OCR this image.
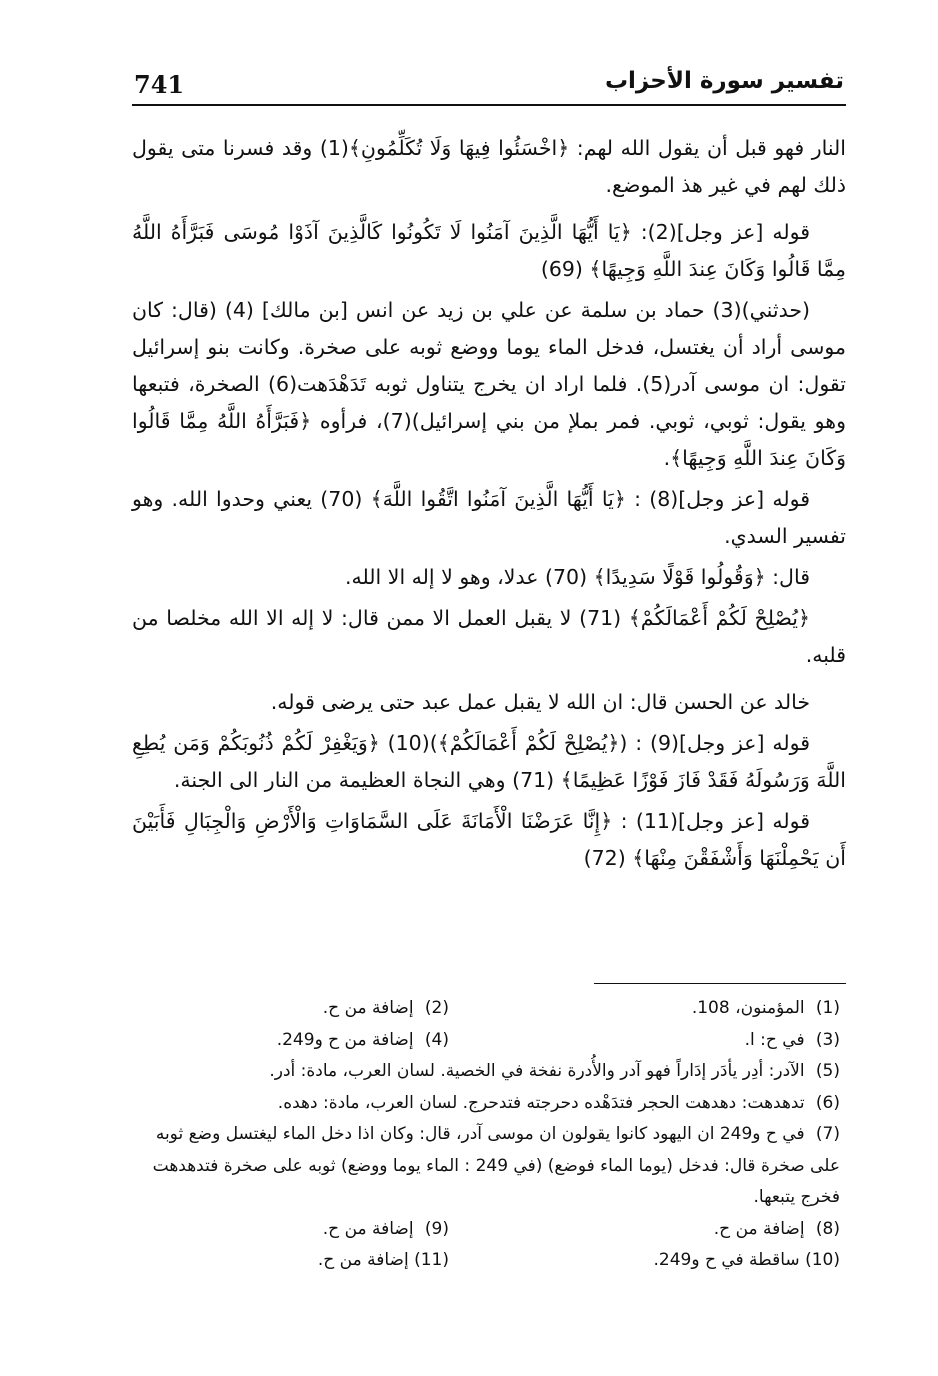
741	تفسير سورة الأحزاب

النار فهو قبل أن يقول الله لهم: ﴿اخْسَئُوا فِيهَا وَلَا تُكَلِّمُونِ﴾(1) وقد فسرنا متى يقول ذلك لهم في غير هذ الموضع.

قوله [عز وجل](2): ﴿يَا أَيُّهَا الَّذِينَ آمَنُوا لَا تَكُونُوا كَالَّذِينَ آذَوْا مُوسَى فَبَرَّأَهُ اللَّهُ مِمَّا قَالُوا وَكَانَ عِندَ اللَّهِ وَجِيهًا﴾ (69)

(حدثني)(3) حماد بن سلمة عن علي بن زيد عن انس [بن مالك] (4) (قال: كان موسى أراد أن يغتسل، فدخل الماء يوما ووضع ثوبه على صخرة. وكانت بنو إسرائيل تقول: ان موسى آدر(5). فلما اراد ان يخرج يتناول ثوبه تَدَهْدَهت(6) الصخرة، فتبعها وهو يقول: ثوبي، ثوبي. فمر بملإ من بني إسرائيل)(7)، فرأوه ﴿فَبَرَّأَهُ اللَّهُ مِمَّا قَالُوا وَكَانَ عِندَ اللَّهِ وَجِيهًا﴾.

قوله [عز وجل](8) : ﴿يَا أَيُّهَا الَّذِينَ آمَنُوا اتَّقُوا اللَّهَ﴾ (70) يعني وحدوا الله. وهو تفسير السدي.

قال: ﴿وَقُولُوا قَوْلًا سَدِيدًا﴾ (70) عدلا، وهو لا إله الا الله.

﴿يُصْلِحْ لَكُمْ أَعْمَالَكُمْ﴾ (71) لا يقبل العمل الا ممن قال: لا إله الا الله مخلصا من قلبه.

خالد عن الحسن قال: ان الله لا يقبل عمل عبد حتى يرضى قوله.

قوله [عز وجل](9) : (﴿يُصْلِحْ لَكُمْ أَعْمَالَكُمْ﴾)(10) ﴿وَيَغْفِرْ لَكُمْ ذُنُوبَكُمْ وَمَن يُطِعِ اللَّهَ وَرَسُولَهُ فَقَدْ فَازَ فَوْزًا عَظِيمًا﴾ (71) وهي النجاة العظيمة من النار الى الجنة.

قوله [عز وجل](11) : ﴿إِنَّا عَرَضْنَا الْأَمَانَةَ عَلَى السَّمَاوَاتِ وَالْأَرْضِ وَالْجِبَالِ فَأَبَيْنَ أَن يَحْمِلْنَهَا وَأَشْفَقْنَ مِنْهَا﴾ (72)

(1) المؤمنون، 108.
(2) إضافة من ح.
(3) في ح: ا.
(4) إضافة من ح و249.
(5) الآدر: أدِر يأدَر إدَاراً فهو آدر والأُدرة نفخة في الخصية. لسان العرب، مادة: أدر.
(6) تدهدهت: دهدهت الحجر فتدَهْده دحرجته فتدحرج. لسان العرب، مادة: دهده.
(7) في ح و249 ان اليهود كانوا يقولون ان موسى آدر، قال: وكان اذا دخل الماء ليغتسل وضع ثوبه على صخرة قال: فدخل (يوما الماء فوضع) (في 249 : الماء يوما ووضع) ثوبه على صخرة فتدهدهت فخرج يتبعها.
(8) إضافة من ح.
(9) إضافة من ح.
(10) ساقطة في ح و249.
(11) إضافة من ح.
